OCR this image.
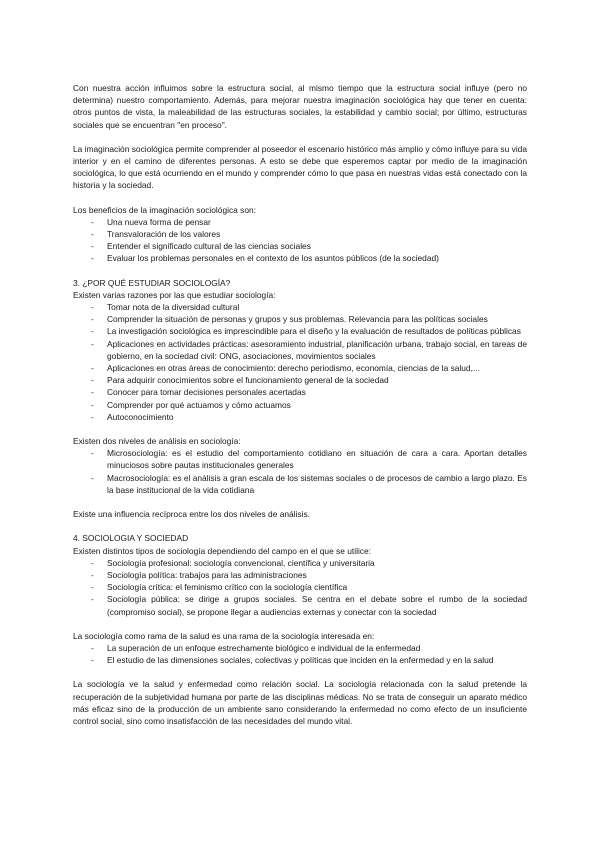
Con nuestra acción influimos sobre la estructura social, al mismo tiempo que la estructura social influye (pero no determina) nuestro comportamiento. Además, para mejorar nuestra imaginación sociológica hay que tener en cuenta: otros puntos de vista, la maleabilidad de las estructuras sociales, la estabilidad y cambio social; por último, estructuras sociales que se encuentran "en proceso".

La imaginación sociológica permite comprender al poseedor el escenario histórico más amplio y cómo influye para su vida interior y en el camino de diferentes personas. A esto se debe que esperemos captar por medio de la imaginación sociológica, lo que está ocurriendo en el mundo y comprender cómo lo que pasa en nuestras vidas está conectado con la historia y la sociedad.

Los beneficios de la imaginación sociológica son:

- Una nueva forma de pensar
- Transvaloración de los valores
- Entender el significado cultural de las ciencias sociales
- Evaluar los problemas personales en el contexto de los asuntos públicos (de la sociedad)

3. ¿POR QUÉ ESTUDIAR SOCIOLOGÍA?

Existen varias razones por las que estudiar sociología:

- Tomar nota de la diversidad cultural
- Comprender la situación de personas y grupos y sus problemas. Relevancia para las políticas sociales
- La investigación sociológica es imprescindible para el diseño y la evaluación de resultados de políticas públicas
- Aplicaciones en actividades prácticas: asesoramiento industrial, planificación urbana, trabajo social, en tareas de gobierno, en la sociedad civil: ONG, asociaciones, movimientos sociales
- Aplicaciones en otras áreas de conocimiento: derecho periodismo, economía, ciencias de la salud,...
- Para adquirir conocimientos sobre el funcionamiento general de la sociedad
- Conocer para tomar decisiones personales acertadas
- Comprender por qué actuamos y cómo actuamos
- Autoconocimiento

Existen dos niveles de análisis en sociología:

- Microsociología: es el estudio del comportamiento cotidiano en situación de cara a cara. Aportan detalles minuciosos sobre pautas institucionales generales
- Macrosociología: es el análisis a gran escala de los sistemas sociales o de procesos de cambio a largo plazo. Es la base institucional de la vida cotidiana

Existe una influencia recíproca entre los dos niveles de análisis.

4. SOCIOLOGIA Y SOCIEDAD

Existen distintos tipos de sociología dependiendo del campo en el que se utilice:

- Sociología profesional: sociología convencional, científica y universitaria
- Sociología política: trabajos para las administraciones
- Sociología crítica: el feminismo crítico con la sociología científica
- Sociología pública: se dirige a grupos sociales. Se centra en el debate sobre el rumbo de la sociedad (compromiso social), se propone llegar a audiencias externas y conectar con la sociedad

La sociología como rama de la salud es una rama de la sociología interesada en:

- La superación de un enfoque estrechamente biológico e individual de la enfermedad
- El estudio de las dimensiones sociales, colectivas y políticas que inciden en la enfermedad y en la salud

La sociología ve la salud y enfermedad como relación social. La sociología relacionada con la salud pretende la recuperación de la subjetividad humana por parte de las disciplinas médicas. No se trata de conseguir un aparato médico más eficaz sino de la producción de un ambiente sano considerando la enfermedad no como efecto de un insuficiente control social, sino como insatisfacción de las necesidades del mundo vital.
